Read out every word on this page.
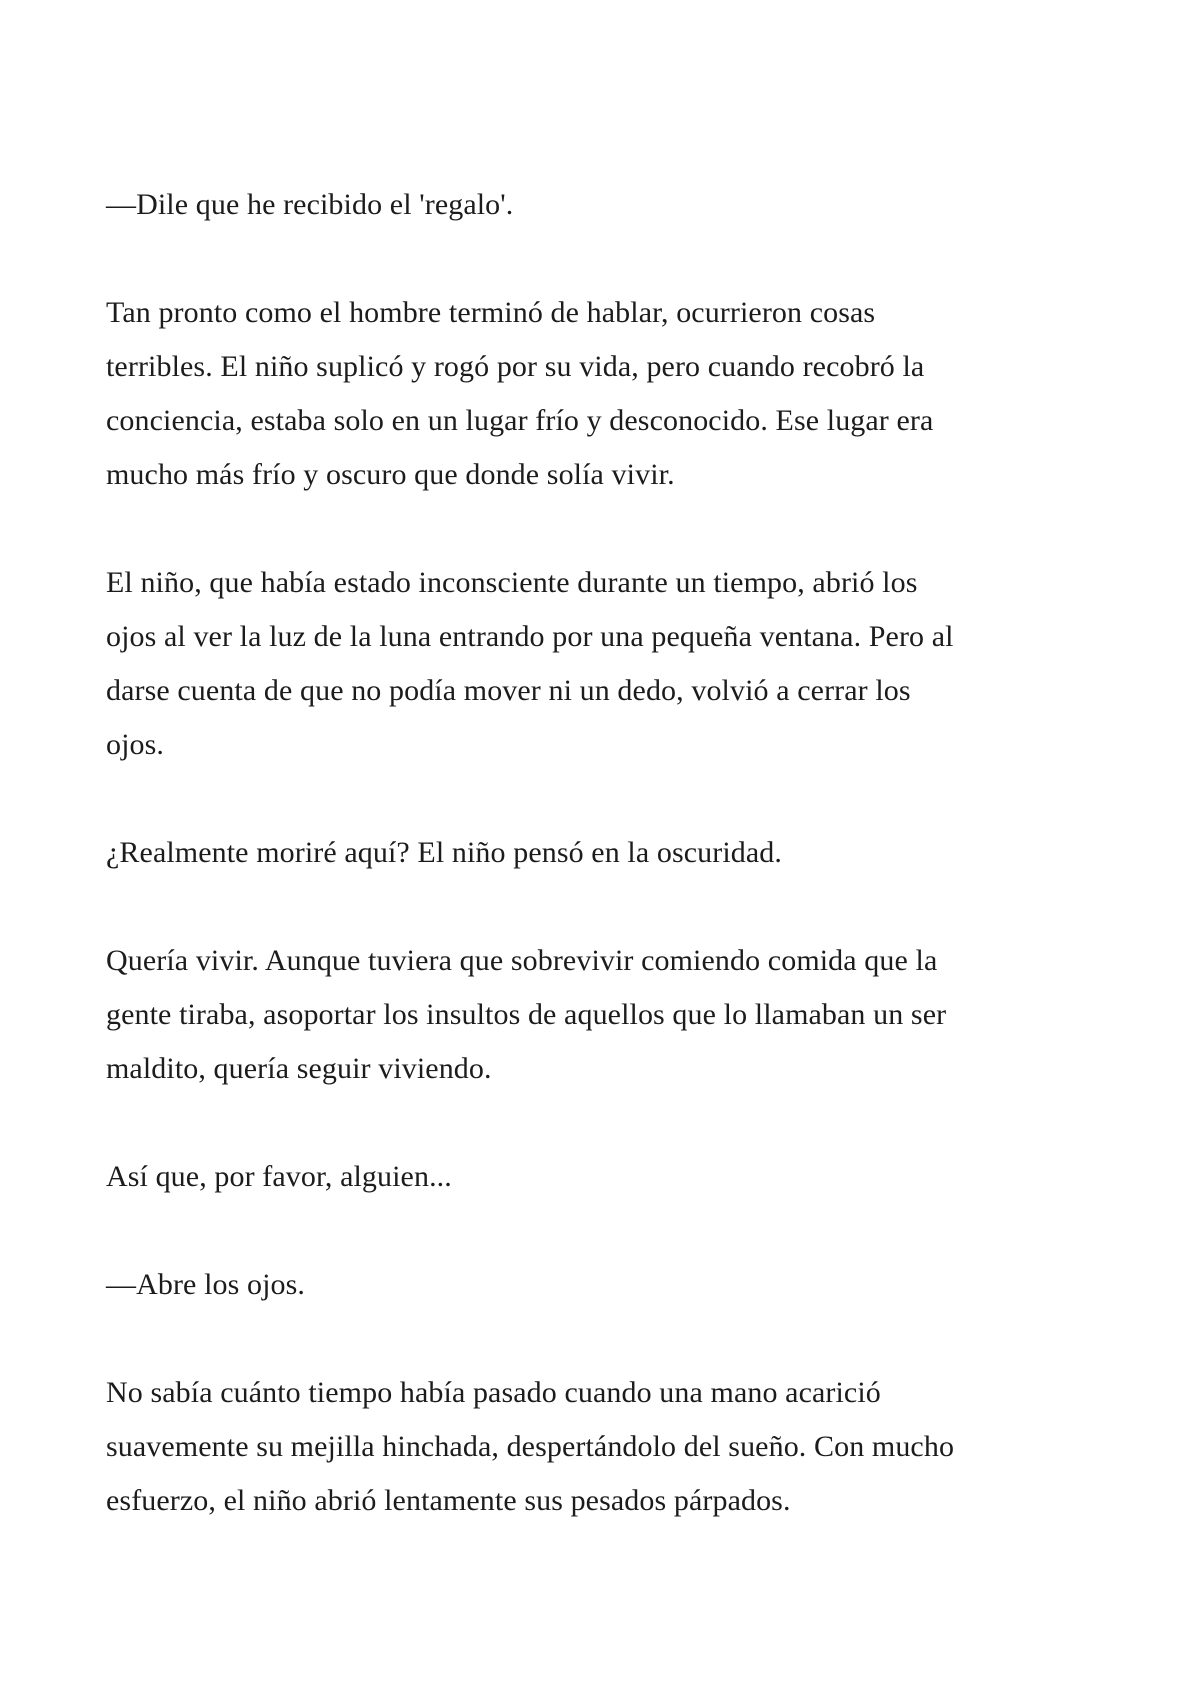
—Dile que he recibido el 'regalo'.

Tan pronto como el hombre terminó de hablar, ocurrieron cosas
terribles. El niño suplicó y rogó por su vida, pero cuando recobró la
conciencia, estaba solo en un lugar frío y desconocido. Ese lugar era
mucho más frío y oscuro que donde solía vivir.

El niño, que había estado inconsciente durante un tiempo, abrió los
ojos al ver la luz de la luna entrando por una pequeña ventana. Pero al
darse cuenta de que no podía mover ni un dedo, volvió a cerrar los
ojos.

¿Realmente moriré aquí? El niño pensó en la oscuridad.

Quería vivir. Aunque tuviera que sobrevivir comiendo comida que la
gente tiraba, asoportar los insultos de aquellos que lo llamaban un ser
maldito, quería seguir viviendo.

Así que, por favor, alguien...

—Abre los ojos.

No sabía cuánto tiempo había pasado cuando una mano acarició
suavemente su mejilla hinchada, despertándolo del sueño. Con mucho
esfuerzo, el niño abrió lentamente sus pesados párpados.
